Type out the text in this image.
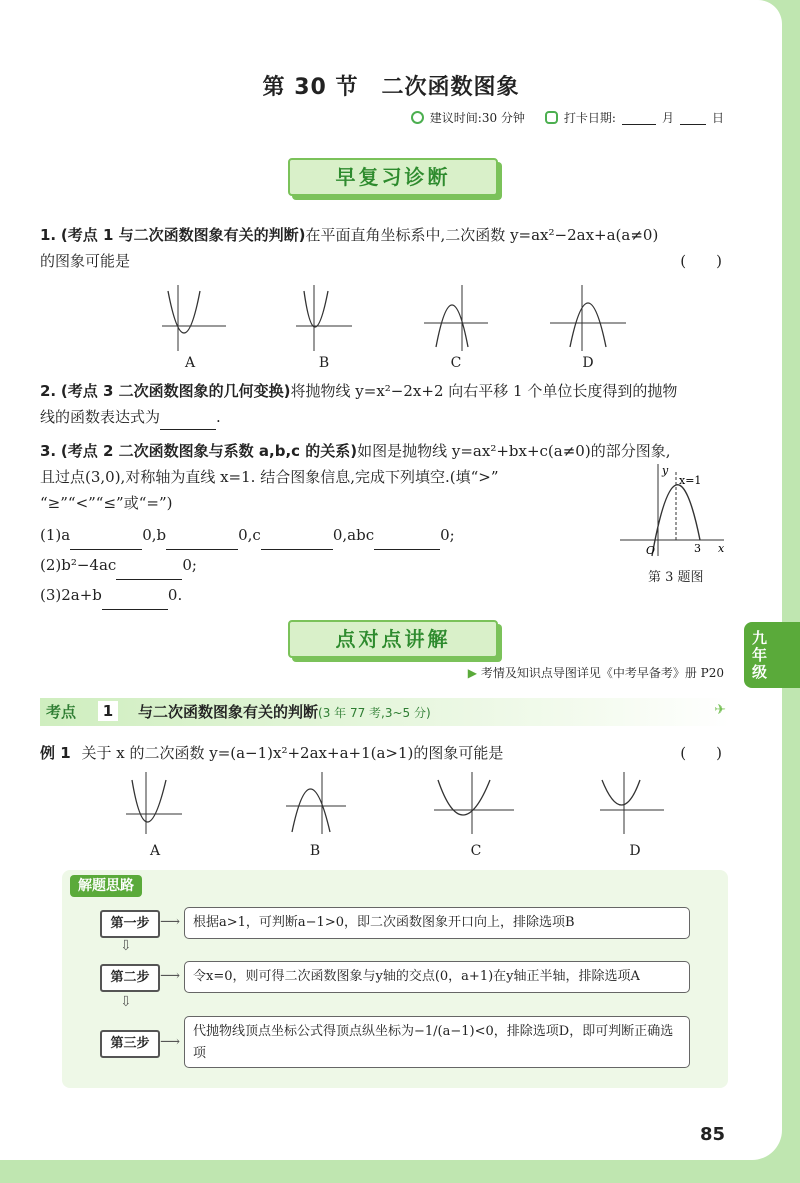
第 30 节　二次函数图象
建议时间:30 分钟	打卡日期:	月	日
早复习诊断
1. (考点 1 与二次函数图象有关的判断)在平面直角坐标系中,二次函数 y=ax²−2ax+a(a≠0)
的图象可能是	(　　)
A	B	C	D
2. (考点 3 二次函数图象的几何变换)将抛物线 y=x²−2x+2 向右平移 1 个单位长度得到的抛物
线的函数表达式为	.
3. (考点 2 二次函数图象与系数 a,b,c 的关系)如图是抛物线 y=ax²+bx+c(a≠0)的部分图象,
且过点(3,0),对称轴为直线 x=1. 结合图象信息,完成下列填空.(填“>”
“≥”“<”“≤”或“=”)

(1)a	0,b	0,c	0,abc	0;
(2)b²−4ac	0;
(3)2a+b	0.
y
x=1
O	3 x
第 3 题图
点对点讲解
▶ 考情及知识点导图详见《中考早备考》册 P20
考点	1	与二次函数图象有关的判断(3 年 77 考,3~5 分)	✈
例 1 关于 x 的二次函数 y=(a−1)x²+2ax+a+1(a>1)的图象可能是	(　　)
A	B	C	D
解题思路
第一步 ⟶ 根据a>1，可判断a−1>0，即二次函数图象开口向上，排除选项B
⇩
第二步 ⟶ 令x=0，则可得二次函数图象与y轴的交点(0，a+1)在y轴正半轴，排除选项A
⇩
第三步 ⟶
代抛物线顶点坐标公式得顶点纵坐标为−1/(a−1)<0，排除选项D，即可判断正确选项
85
九
年
级
